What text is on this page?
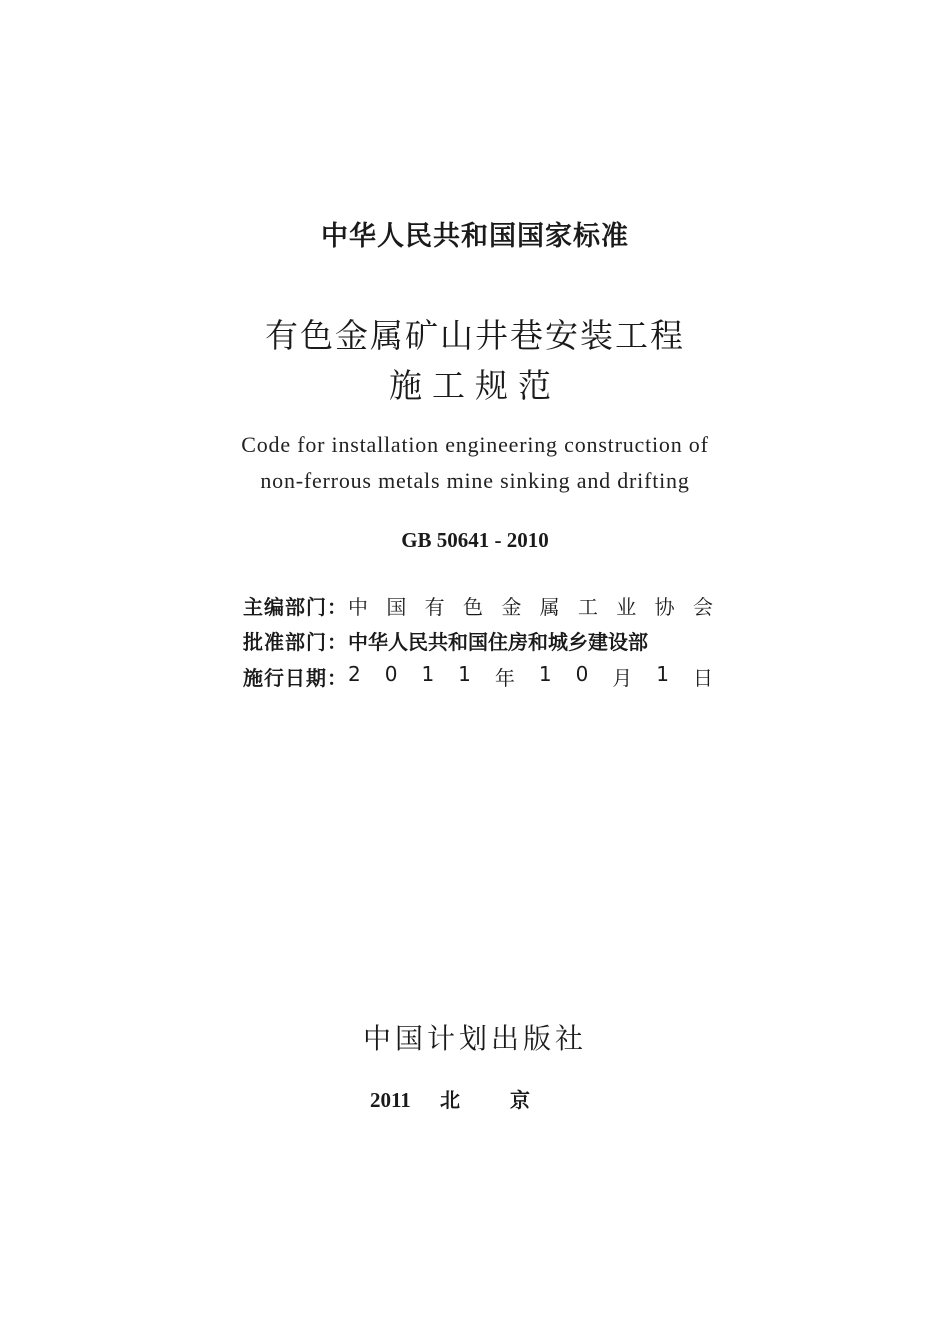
中华人民共和国国家标准
有色金属矿山井巷安装工程
施工规范
Code for installation engineering construction of
non-ferrous metals mine sinking and drifting
GB 50641 - 2010
主编部门： 中 国 有 色 金 属 工 业 协 会
批准部门： 中华人民共和国住房和城乡建设部
施行日期： 2 0 1 1 年 1 0 月 1 日
中国计划出版社
2011 北京
